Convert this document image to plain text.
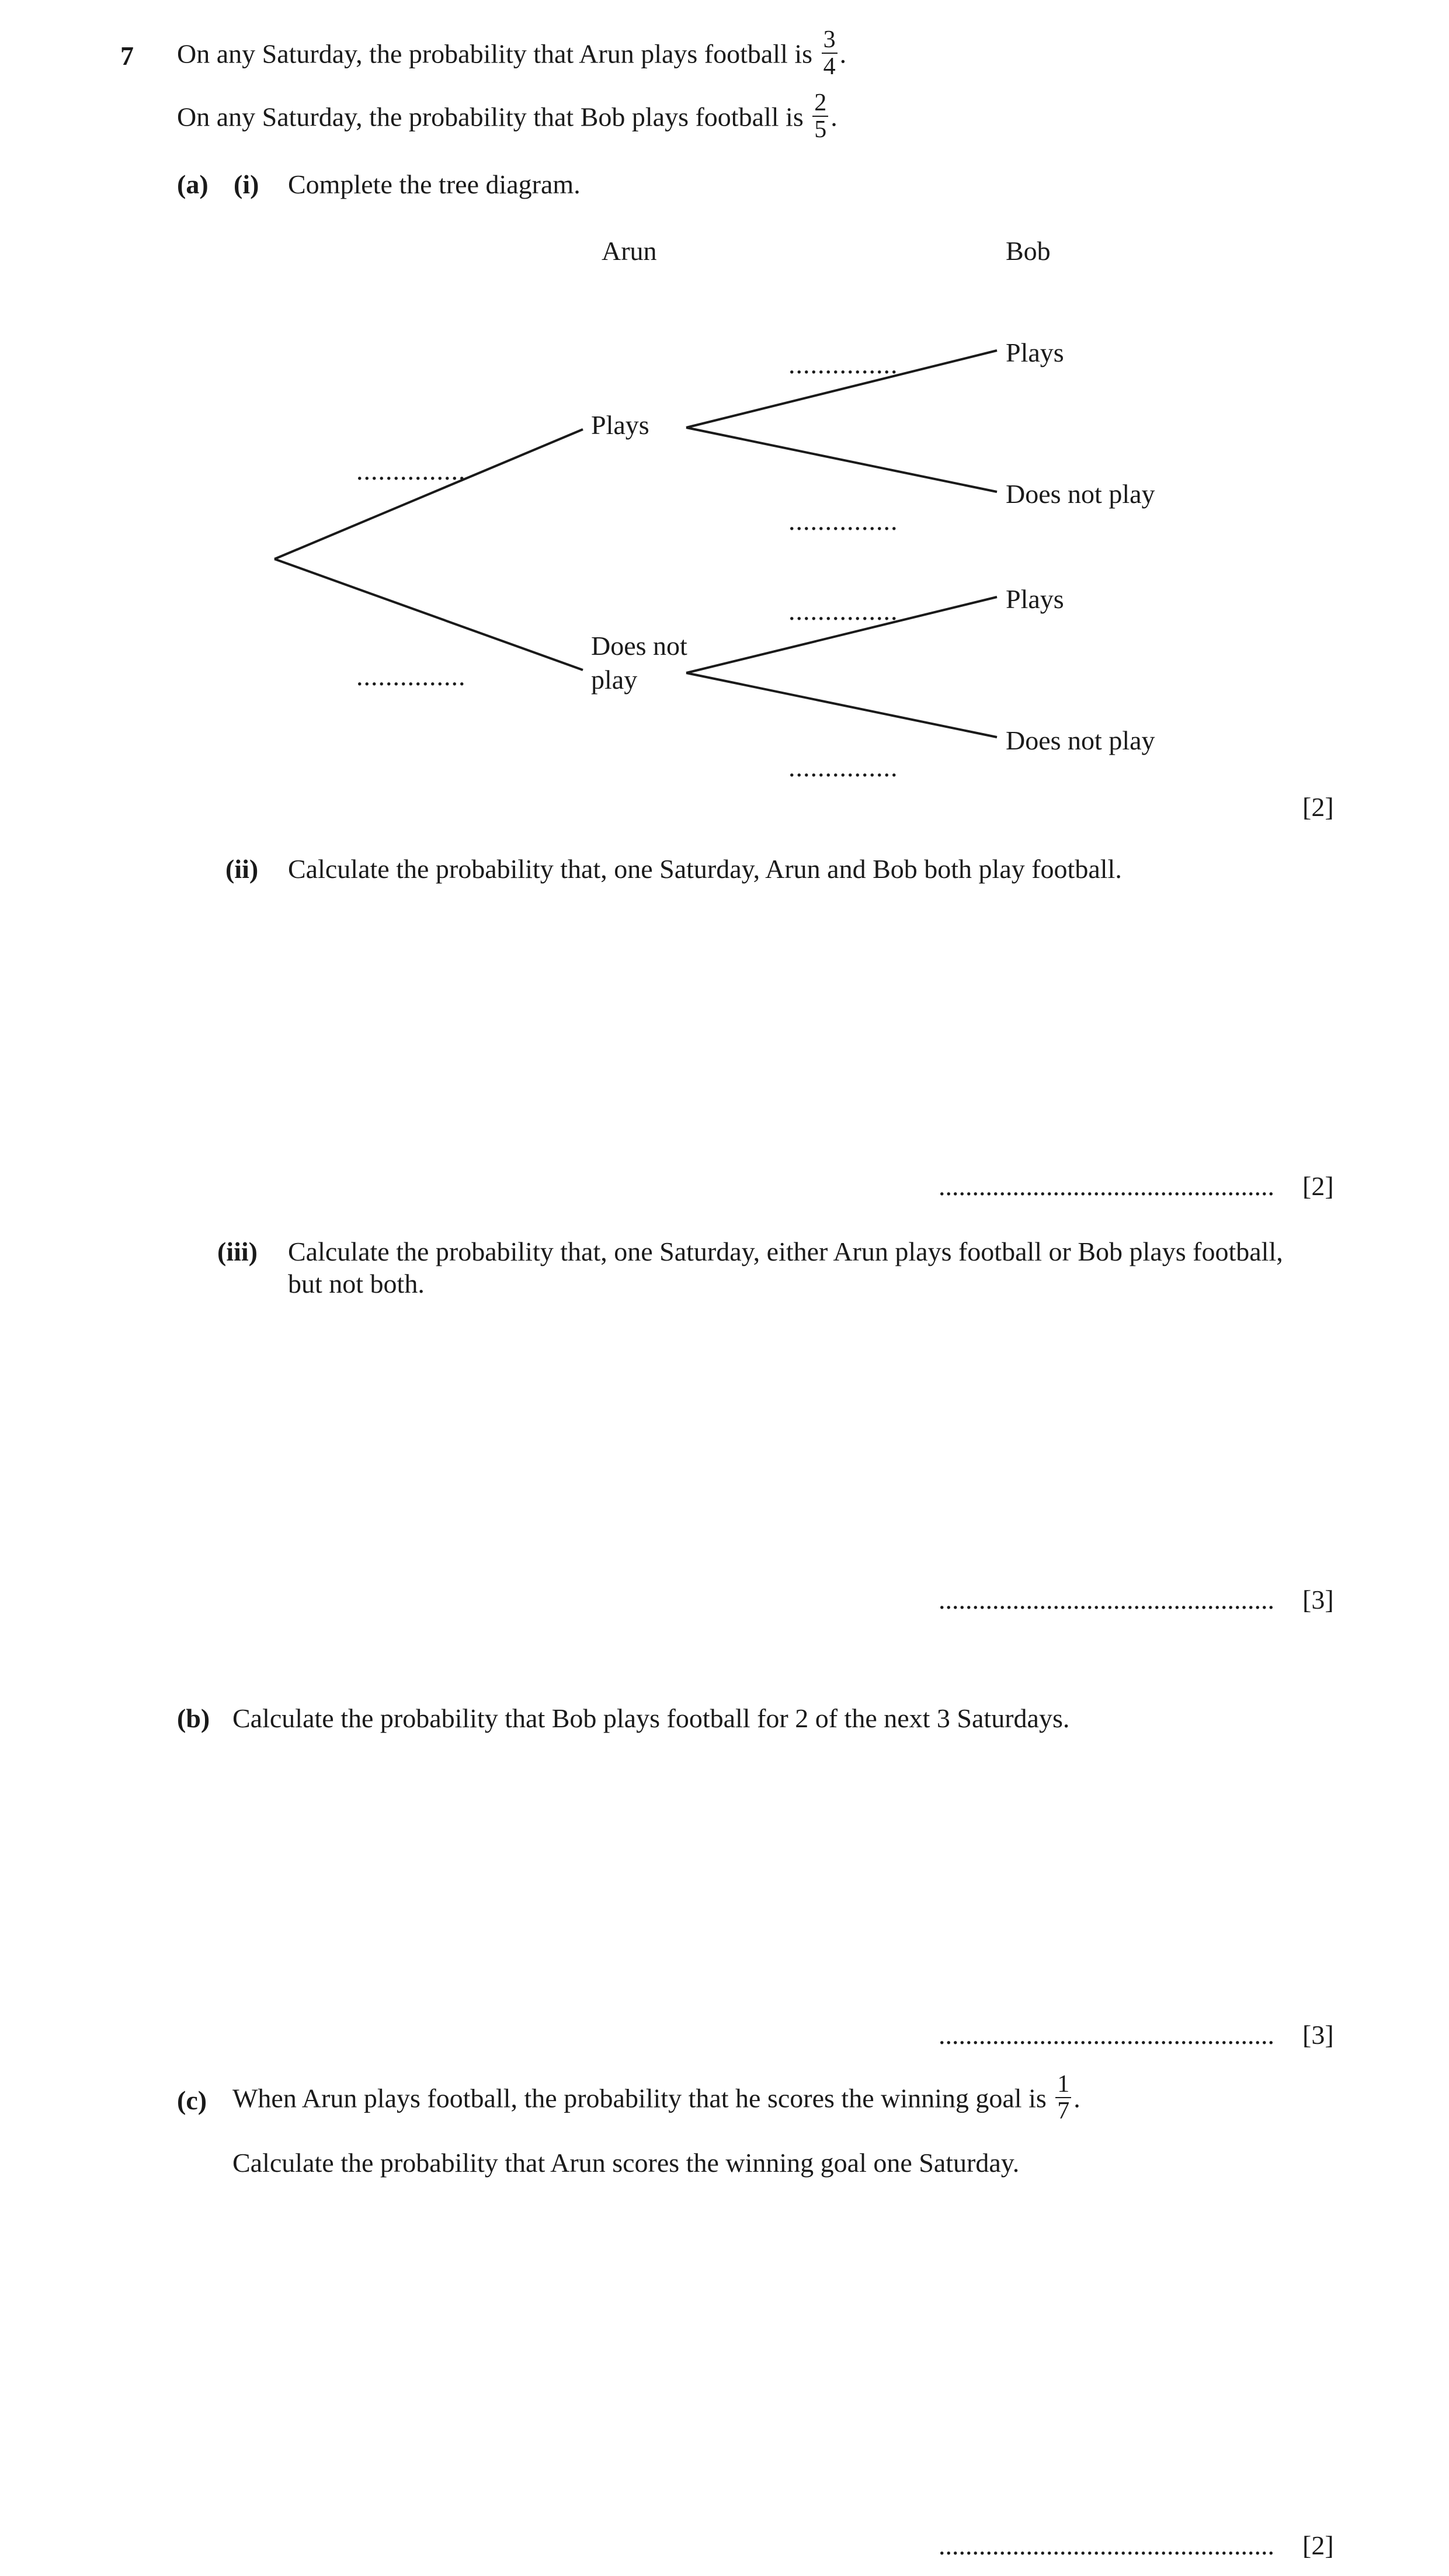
7 On any Saturday, the probability that Arun plays football is $\frac{3}{4}$ .
On any Saturday, the probability that Bob plays football is $\frac{2}{5}$ .
(a) (i) Complete the tree diagram.
Arun	Bob
Plays
Does not
play
Plays
Does not play
Plays
Does not play
...............
...............
...............
...............
...............
...............
[2]
(ii) Calculate the probability that, one Saturday, Arun and Bob both play football.
.................................................. [2]
(iii) Calculate the probability that, one Saturday, either Arun plays football or Bob plays football,
but not both.
.................................................. [3]
(b) Calculate the probability that Bob plays football for 2 of the next 3 Saturdays.
.................................................. [3]
(c) When Arun plays football, the probability that he scores the winning goal is $\frac{1}{7}$ .
Calculate the probability that Arun scores the winning goal one Saturday.
.................................................. [2]
